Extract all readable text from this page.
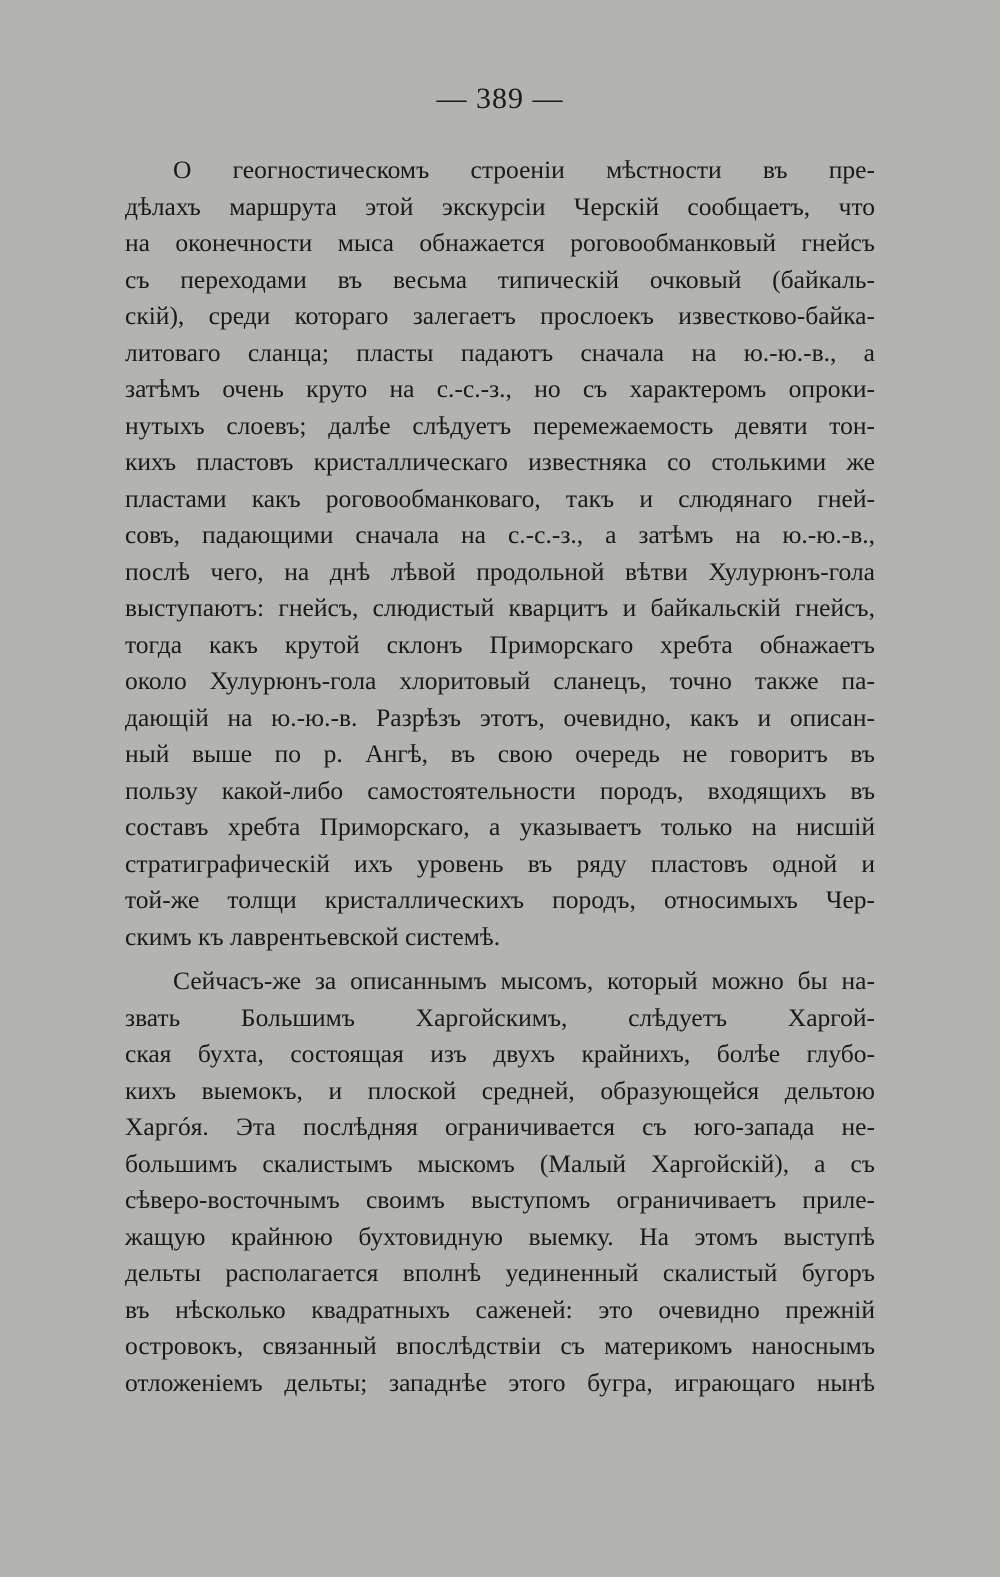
— 389 —
О геогностическомъ строенiи мѣстности въ пре-
дѣлахъ маршрута этой экскурсiи Черскiй сообщаетъ, что
на оконечности мыса обнажается роговообманковый гнейсъ
съ переходами въ весьма типическiй очковый (байкаль-
скiй), среди котораго залегаетъ прослоекъ известково-байка-
литоваго сланца; пласты падаютъ сначала на ю.-ю.-в., а
затѣмъ очень круто на с.-с.-з., но съ характеромъ опроки-
нутыхъ слоевъ; далѣе слѣдуетъ перемежаемость девяти тон-
кихъ пластовъ кристаллическаго известняка со столькими же
пластами какъ роговообманковаго, такъ и слюдянаго гней-
совъ, падающими сначала на с.-с.-з., а затѣмъ на ю.-ю.-в.,
послѣ чего, на днѣ лѣвой продольной вѣтви Хулурюнъ-гола
выступаютъ: гнейсъ, слюдистый кварцитъ и байкальскiй гнейсъ,
тогда какъ крутой склонъ Приморскаго хребта обнажаетъ
около Хулурюнъ-гола хлоритовый сланецъ, точно также па-
дающiй на ю.-ю.-в. Разрѣзъ этотъ, очевидно, какъ и описан-
ный выше по р. Ангѣ, въ свою очередь не говоритъ въ
пользу какой-либо самостоятельности породъ, входящихъ въ
составъ хребта Приморскаго, а указываетъ только на нисшiй
стратиграфическiй ихъ уровень въ ряду пластовъ одной и
той-же толщи кристаллическихъ породъ, относимыхъ Чер-
скимъ къ лаврентьевской системѣ.
Сейчасъ-же за описаннымъ мысомъ, который можно бы на-
звать Большимъ Харгойскимъ, слѣдуетъ Харгой-
ская бухта, состоящая изъ двухъ крайнихъ, болѣе глубо-
кихъ выемокъ, и плоской средней, образующейся дельтою
Харгóя. Эта послѣдняя ограничивается съ юго-запада не-
большимъ скалистымъ мыскомъ (Малый Харгойскiй), а съ
сѣверо-восточнымъ своимъ выступомъ ограничиваетъ приле-
жащую крайнюю бухтовидную выемку. На этомъ выступѣ
дельты располагается вполнѣ уединенный скалистый бугоръ
въ нѣсколько квадратныхъ саженей: это очевидно прежнiй
островокъ, связанный впослѣдствiи съ материкомъ наноснымъ
отложенiемъ дельты; западнѣе этого бугра, играющаго нынѣ
